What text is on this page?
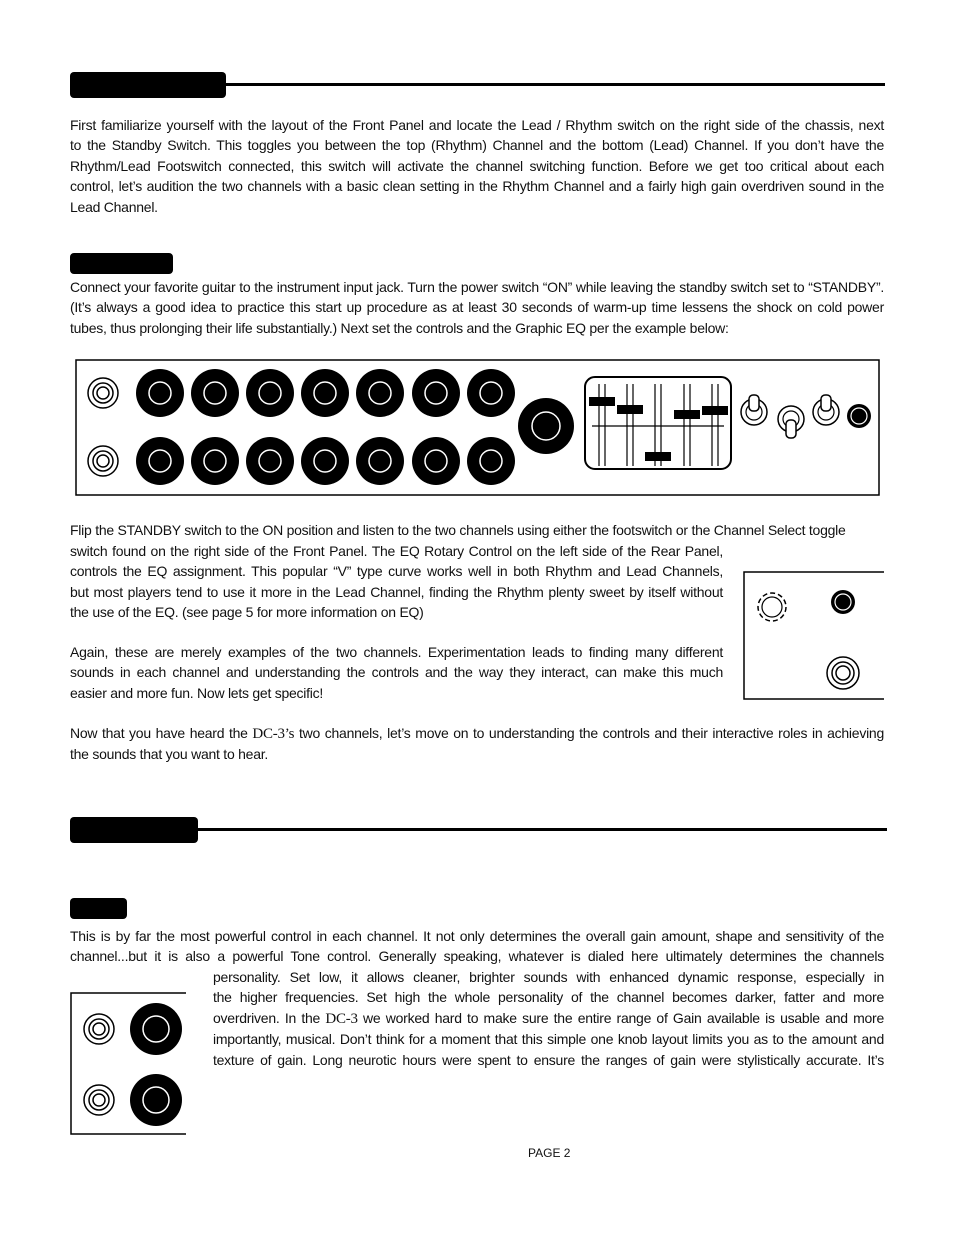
First familiarize yourself with the layout of the Front Panel and locate the Lead / Rhythm switch on the right side of the chassis, next
to the Standby Switch. This toggles you between the top (Rhythm) Channel and the bottom (Lead) Channel. If you don’t have the
Rhythm/Lead Footswitch connected, this switch will activate the channel switching function. Before we get too critical about each
control, let’s audition the two channels with a basic clean setting in the Rhythm Channel and a fairly high gain overdriven sound in the
Lead Channel.
Connect your favorite guitar to the instrument input jack. Turn the power switch “ON” while leaving the standby switch set to “STANDBY”.
(It’s always a good idea to practice this start up procedure as at least 30 seconds of warm-up time lessens the shock on cold power
tubes, thus prolonging their life substantially.) Next set the controls and the Graphic EQ per the example below:
Flip the STANDBY switch to the ON position and listen to the two channels using either the footswitch or the Channel Select toggle
switch found on the right side of the Front Panel. The EQ Rotary Control on the left side of the Rear Panel,
controls the EQ assignment. This popular “V” type curve works well in both Rhythm and Lead Channels,
but most players tend to use it more in the Lead Channel, finding the Rhythm plenty sweet by itself without
the use of the EQ. (see page 5 for more information on EQ)
Again, these are merely examples of the two channels. Experimentation leads to finding many different
sounds in each channel and understanding the controls and the way they interact, can make this much
easier and more fun. Now lets get specific!
Now that you have heard the DC-3’s two channels, let’s move on to understanding the controls and their interactive roles in achieving
the sounds that you want to hear.
This is by far the most powerful control in each channel. It not only determines the overall gain amount, shape and sensitivity of the
channel...but it is also a powerful Tone control. Generally speaking, whatever is dialed here ultimately determines the channels
personality. Set low, it allows cleaner, brighter sounds with enhanced dynamic response, especially in
the higher frequencies. Set high the whole personality of the channel becomes darker, fatter and more
overdriven. In the DC-3 we worked hard to make sure the entire range of Gain available is usable and more
importantly, musical. Don’t think for a moment that this simple one knob layout limits you as to the amount and
texture of gain. Long neurotic hours were spent to ensure the ranges of gain were stylistically accurate. It’s
PAGE 2
